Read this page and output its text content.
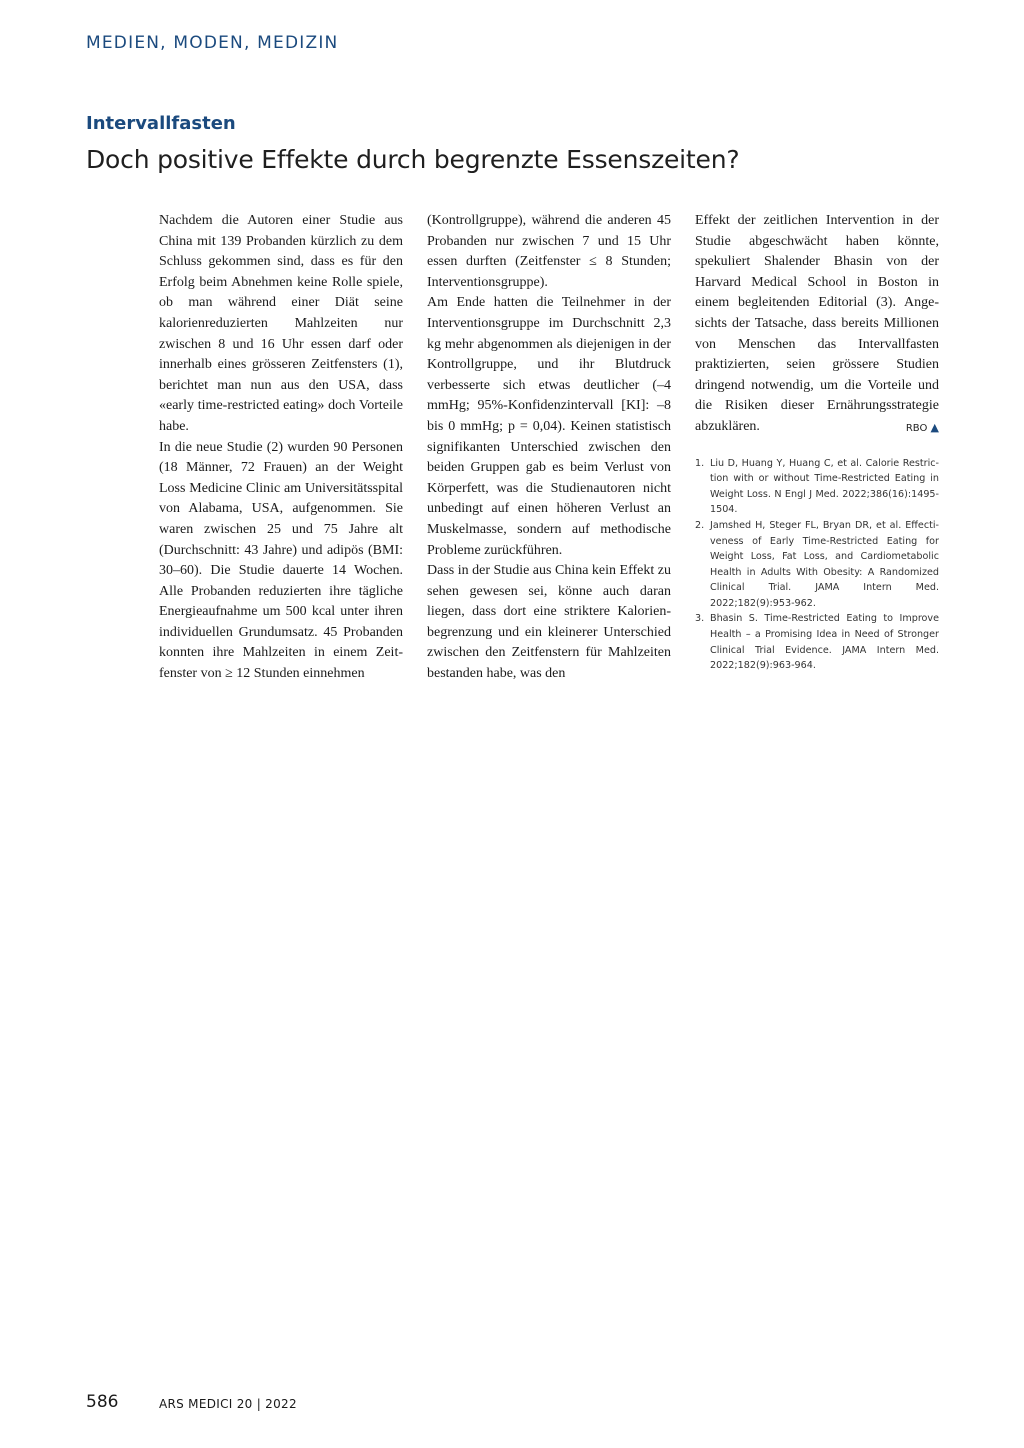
MEDIEN, MODEN, MEDIZIN
Intervallfasten
Doch positive Effekte durch begrenzte Essenszeiten?

Nachdem die Autoren einer Studie aus China mit 139 Probanden kürzlich zu dem Schluss gekommen sind, dass es für den Erfolg beim Abnehmen keine Rolle spiele, ob man während einer Diät seine kalorienreduzierten Mahlzeiten nur zwischen 8 und 16 Uhr essen darf oder innerhalb eines grösseren Zeitfensters (1), berichtet man nun aus den USA, dass «early time-restricted eating» doch Vorteile habe.

In die neue Studie (2) wurden 90 Personen (18 Männer, 72 Frauen) an der Weight Loss Medicine Clinic am Universitätsspital von Alabama, USA, aufgenommen. Sie waren zwischen 25 und 75 Jahre alt (Durchschnitt: 43 Jahre) und adipös (BMI: 30–60). Die Studie dauerte 14 Wochen. Alle Probanden reduzierten ihre tägliche Energieaufnahme um 500 kcal unter ihren individuellen Grundumsatz. 45 Probanden konnten ihre Mahlzeiten in einem Zeitfenster von ≥ 12 Stunden einnehmen

(Kontrollgruppe), während die anderen 45 Probanden nur zwischen 7 und 15 Uhr essen durften (Zeitfenster ≤ 8 Stunden; Interventionsgruppe).

Am Ende hatten die Teilnehmer in der Interventionsgruppe im Durchschnitt 2,3 kg mehr abgenommen als diejenigen in der Kontrollgruppe, und ihr Blutdruck verbesserte sich etwas deutlicher (–4 mmHg; 95%-Konfidenzintervall [KI]: –8 bis 0 mmHg; p = 0,04). Keinen statistisch signifikanten Unterschied zwischen den beiden Gruppen gab es beim Verlust von Körperfett, was die Studienautoren nicht unbedingt auf einen höheren Verlust an Muskelmasse, sondern auf methodische Probleme zurückführen.

Dass in der Studie aus China kein Effekt zu sehen gewesen sei, könne auch daran liegen, dass dort eine striktere Kalorienbegrenzung und ein kleinerer Unterschied zwischen den Zeitfenstern für Mahlzeiten bestanden habe, was den

Effekt der zeitlichen Intervention in der Studie abgeschwächt haben könnte, spekuliert Shalender Bhasin von der Harvard Medical School in Boston in einem begleitenden Editorial (3). Angesichts der Tatsache, dass bereits Millionen von Menschen das Intervallfasten praktizierten, seien grössere Studien dringend notwendig, um die Vorteile und die Risiken dieser Ernährungsstrategie abzuklären.	RBO ▲

1. Liu D, Huang Y, Huang C, et al. Calorie Restriction with or without Time-Restricted Eating in Weight Loss. N Engl J Med. 2022;386(16):1495-1504.
2. Jamshed H, Steger FL, Bryan DR, et al. Effectiveness of Early Time-Restricted Eating for Weight Loss, Fat Loss, and Cardiometabolic Health in Adults With Obesity: A Randomized Clinical Trial. JAMA Intern Med. 2022;182(9):953-962.
3. Bhasin S. Time-Restricted Eating to Improve Health – a Promising Idea in Need of Stronger Clinical Trial Evidence. JAMA Intern Med. 2022;182(9):963-964.
586	ARS MEDICI 20 | 2022
